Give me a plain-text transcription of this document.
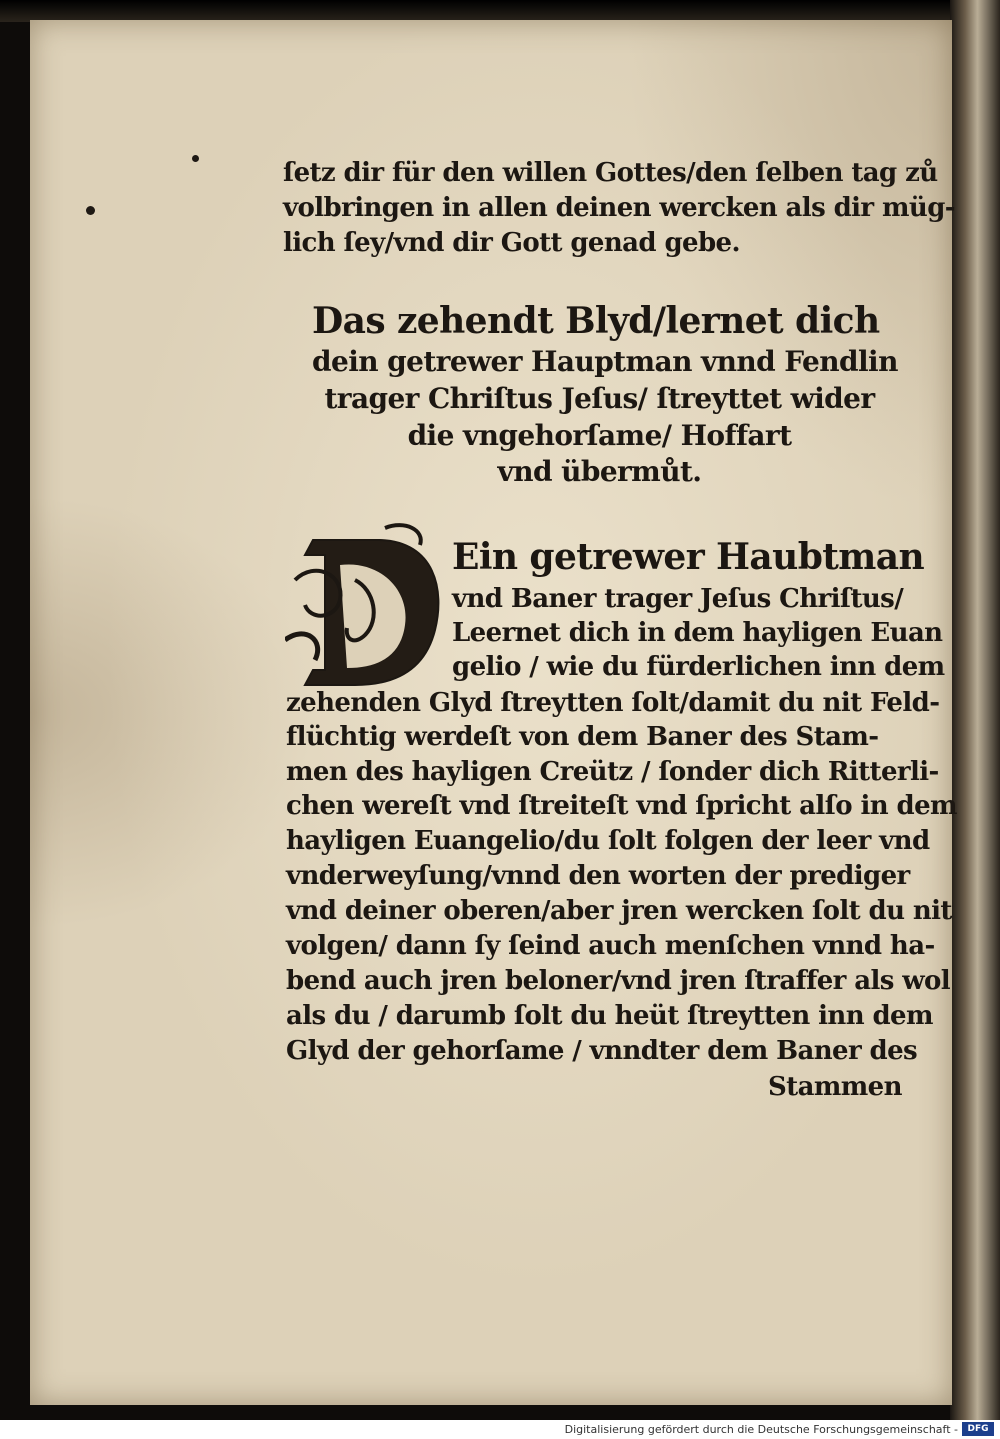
ſetz dir für den willen Gottes/den ſelben tag zů

volbringen in allen deinen wercken als dir müg-

lich ſey/vnd dir Gott genad gebe.

Das zehendt Blyd/lernet dich

dein getrewer Hauptman vnnd Fendlin

trager Chriſtus Jeſus/ ſtreyttet wider

die vngehorſame/ Hoffart

vnd übermůt.

Ein getrewer Haubtman

vnd Baner trager Jeſus Chriſtus/

Leernet dich in dem hayligen Euan

gelio / wie du fürderlichen inn dem

zehenden Glyd ſtreytten ſolt/damit du nit Feld-

flüchtig werdeſt von dem Baner des Stam-

men des hayligen Creütz / ſonder dich Ritterli-

chen wereſt vnd ſtreiteſt vnd ſpricht alſo in dem

hayligen Euangelio/du ſolt folgen der leer vnd

vnderweyſung/vnnd den worten der prediger

vnd deiner oberen/aber jren wercken ſolt du nit

volgen/ dann ſy ſeind auch menſchen vnnd ha-

bend auch jren beloner/vnd jren ſtraffer als wol

als du / darumb ſolt du heüt ſtreytten inn dem

Glyd der gehorſame / vnndter dem Baner des

Stammen

Digitalisierung gefördert durch die Deutsche Forschungsgemeinschaft -	DFG
